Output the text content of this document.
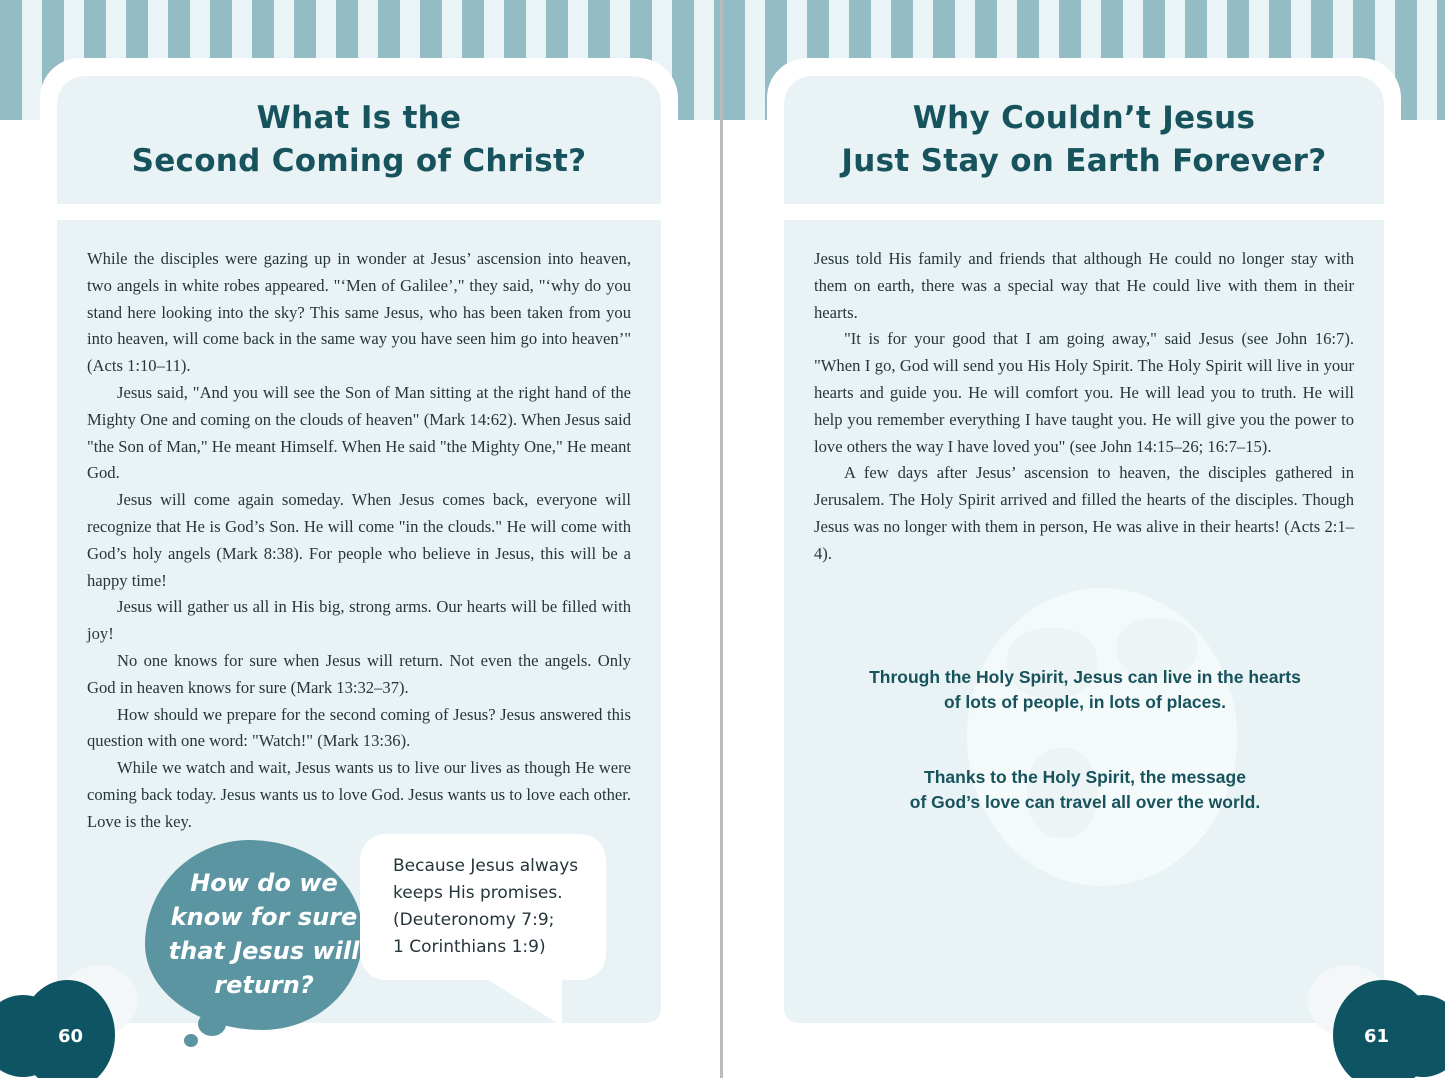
What Is the
Second Coming of Christ?

While the disciples were gazing up in wonder at Jesus’ ascension into heaven, two angels in white robes appeared. "‘Men of Galilee’," they said, "‘why do you stand here looking into the sky? This same Jesus, who has been taken from you into heaven, will come back in the same way you have seen him go into heaven’" (Acts 1:10–11).

Jesus said, "And you will see the Son of Man sitting at the right hand of the Mighty One and coming on the clouds of heaven" (Mark 14:62). When Jesus said "the Son of Man," He meant Himself. When He said "the Mighty One," He meant God.

Jesus will come again someday. When Jesus comes back, everyone will recognize that He is God’s Son. He will come "in the clouds." He will come with God’s holy angels (Mark 8:38). For people who believe in Jesus, this will be a happy time!

Jesus will gather us all in His big, strong arms. Our hearts will be filled with joy!

No one knows for sure when Jesus will return. Not even the angels. Only God in heaven knows for sure (Mark 13:32–37).

How should we prepare for the second coming of Jesus? Jesus answered this question with one word: "Watch!" (Mark 13:36).

While we watch and wait, Jesus wants us to live our lives as though He were coming back today. Jesus wants us to love God. Jesus wants us to love each other. Love is the key.

How do we
know for sure
that Jesus will
return?
Because Jesus always
keeps His promises.
(Deuteronomy 7:9;
1 Corinthians 1:9)
60
Why Couldn’t Jesus
Just Stay on Earth Forever?

Jesus told His family and friends that although He could no longer stay with them on earth, there was a special way that He could live with them in their hearts.

"It is for your good that I am going away," said Jesus (see John 16:7). "When I go, God will send you His Holy Spirit. The Holy Spirit will live in your hearts and guide you. He will comfort you. He will lead you to truth. He will help you remember everything I have taught you. He will give you the power to love others the way I have loved you" (see John 14:15–26; 16:7–15).

A few days after Jesus’ ascension to heaven, the disciples gathered in Jerusalem. The Holy Spirit arrived and filled the hearts of the disciples. Though Jesus was no longer with them in person, He was alive in their hearts! (Acts 2:1–4).

Through the Holy Spirit, Jesus can live in the hearts
of lots of people, in lots of places.
Thanks to the Holy Spirit, the message
of God’s love can travel all over the world.
61
